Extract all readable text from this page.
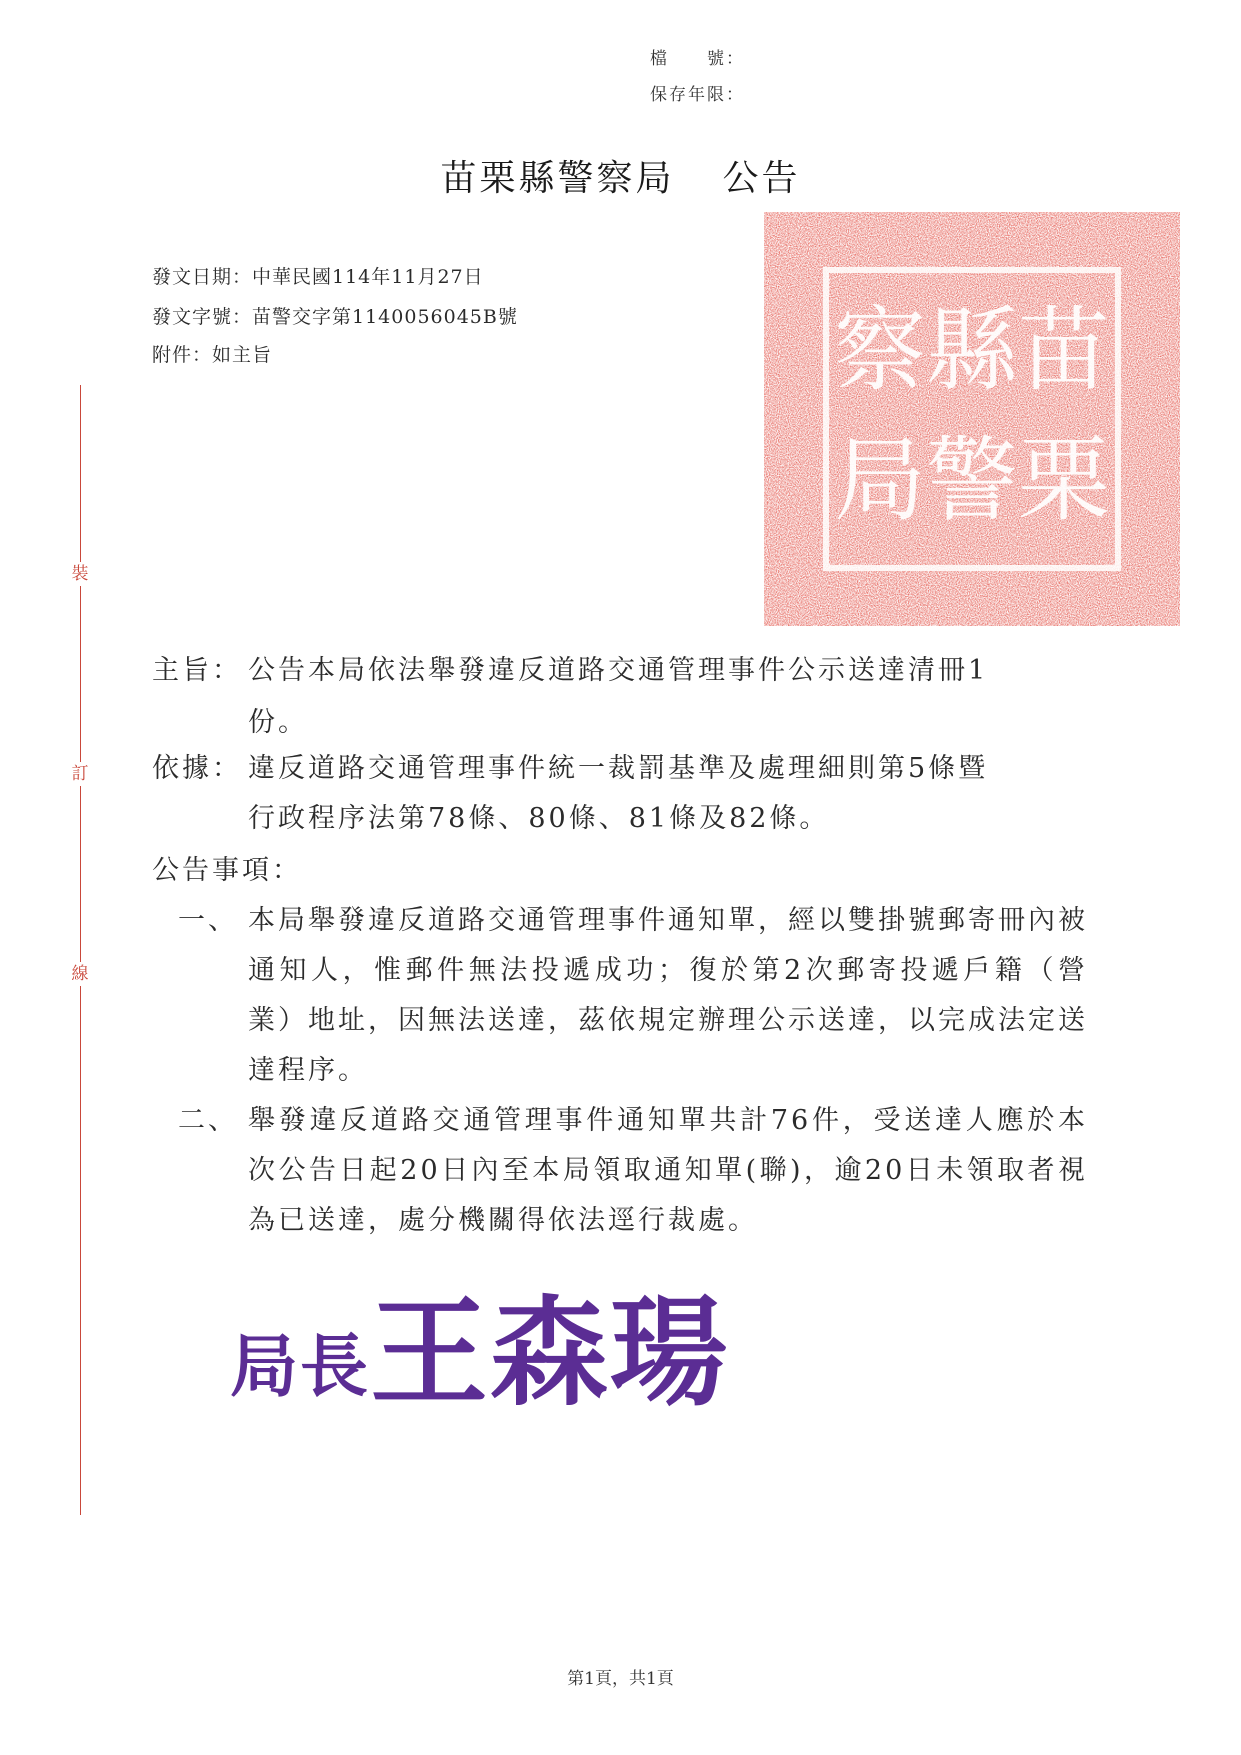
檔　　號：
保存年限：
苗栗縣警察局 公告
發文日期：中華民國114年11月27日
發文字號：苗警交字第1140056045B號
附件：如主旨
裝
訂
線
苗
栗
縣
警
察
局
主旨： 公告本局依法舉發違反道路交通管理事件公示送達清冊1
份。
依據： 違反道路交通管理事件統一裁罰基準及處理細則第5條暨
行政程序法第78條、80條、81條及82條。
公告事項：
一、 本局舉發違反道路交通管理事件通知單，經以雙掛號郵寄冊內被通知人，惟郵件無法投遞成功；復於第2次郵寄投遞戶籍（營業）地址，因無法送達，茲依規定辦理公示送達，以完成法定送達程序。
二、 舉發違反道路交通管理事件通知單共計76件，受送達人應於本次公告日起20日內至本局領取通知單(聯)，逾20日未領取者視為已送達，處分機關得依法逕行裁處。
局長王森瑒
第1頁，共1頁
